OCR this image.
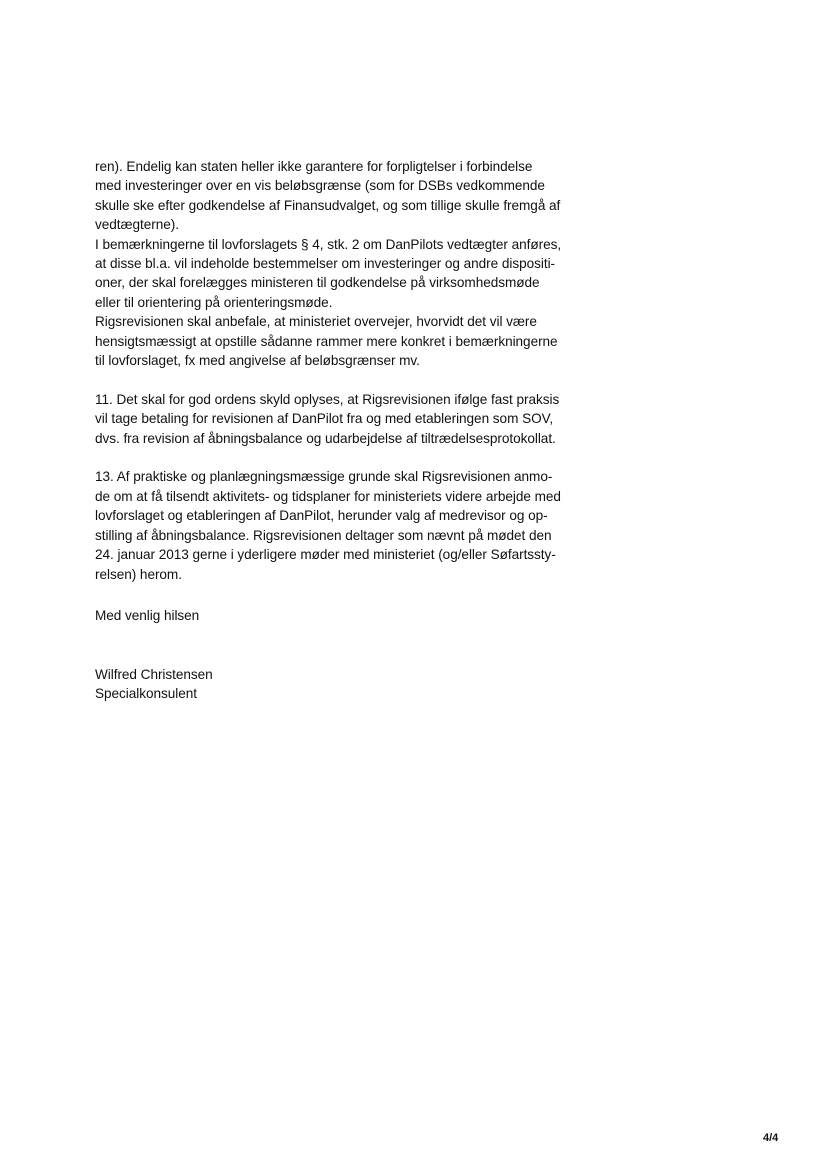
ren). Endelig kan staten heller ikke garantere for forpligtelser i forbindelse
med investeringer over en vis beløbsgrænse (som for DSBs vedkommende
skulle ske efter godkendelse af Finansudvalget, og som tillige skulle fremgå af
vedtægterne).
I bemærkningerne til lovforslagets § 4, stk. 2 om DanPilots vedtægter anføres,
at disse bl.a. vil indeholde bestemmelser om investeringer og andre dispositi-
oner, der skal forelægges ministeren til godkendelse på virksomhedsmøde
eller til orientering på orienteringsmøde.
Rigsrevisionen skal anbefale, at ministeriet overvejer, hvorvidt det vil være
hensigtsmæssigt at opstille sådanne rammer mere konkret i bemærkningerne
til lovforslaget, fx med angivelse af beløbsgrænser mv.
11. Det skal for god ordens skyld oplyses, at Rigsrevisionen ifølge fast praksis
vil tage betaling for revisionen af DanPilot fra og med etableringen som SOV,
dvs. fra revision af åbningsbalance og udarbejdelse af tiltrædelsesprotokollat.
13. Af praktiske og planlægningsmæssige grunde skal Rigsrevisionen anmo-
de om at få tilsendt aktivitets- og tidsplaner for ministeriets videre arbejde med
lovforslaget og etableringen af DanPilot, herunder valg af medrevisor og op-
stilling af åbningsbalance. Rigsrevisionen deltager som nævnt på mødet den
24. januar 2013 gerne i yderligere møder med ministeriet (og/eller Søfartssty-
relsen) herom.
Med venlig hilsen
Wilfred Christensen
Specialkonsulent
4/4
